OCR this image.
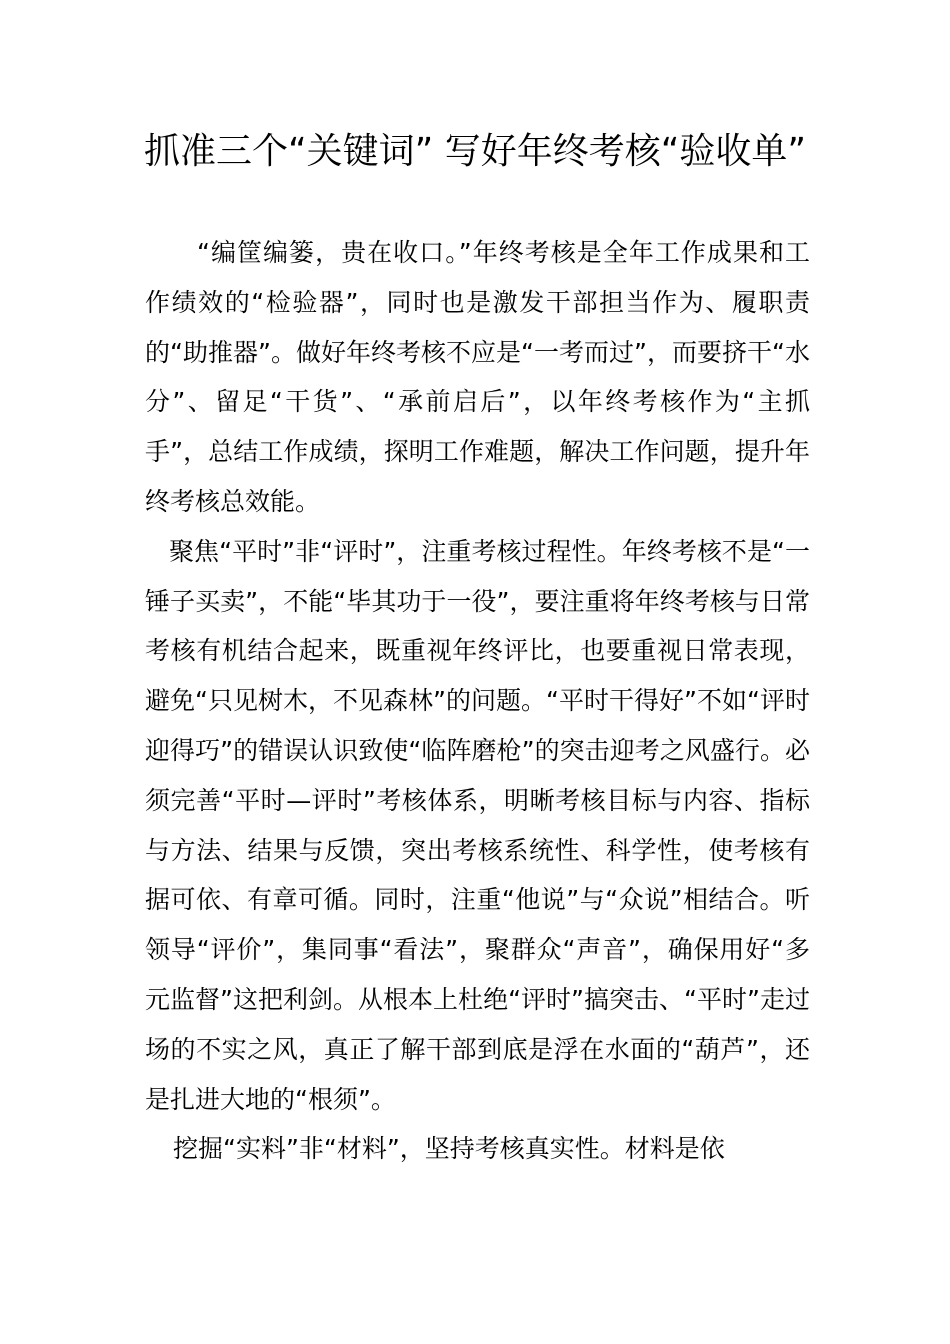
抓准三个“关键词” 写好年终考核“验收单”

“编筐编篓，贵在收口。”年终考核是全年工作成果和工作绩效的“检验器”，同时也是激发干部担当作为、履职责的“助推器”。做好年终考核不应是“一考而过”，而要挤干“水分”、留足“干货”、“承前启后”，以年终考核作为“主抓手”，总结工作成绩，探明工作难题，解决工作问题，提升年终考核总效能。

聚焦“平时”非“评时”，注重考核过程性。年终考核不是“一锤子买卖”，不能“毕其功于一役”，要注重将年终考核与日常考核有机结合起来，既重视年终评比，也要重视日常表现，避免“只见树木，不见森林”的问题。“平时干得好”不如“评时迎得巧”的错误认识致使“临阵磨枪”的突击迎考之风盛行。必须完善“平时—评时”考核体系，明晰考核目标与内容、指标与方法、结果与反馈，突出考核系统性、科学性，使考核有据可依、有章可循。同时，注重“他说”与“众说”相结合。听领导“评价”，集同事“看法”，聚群众“声音”，确保用好“多元监督”这把利剑。从根本上杜绝“评时”搞突击、“平时”走过场的不实之风，真正了解干部到底是浮在水面的“葫芦”，还是扎进大地的“根须”。

挖掘“实料”非“材料”，坚持考核真实性。材料是依
